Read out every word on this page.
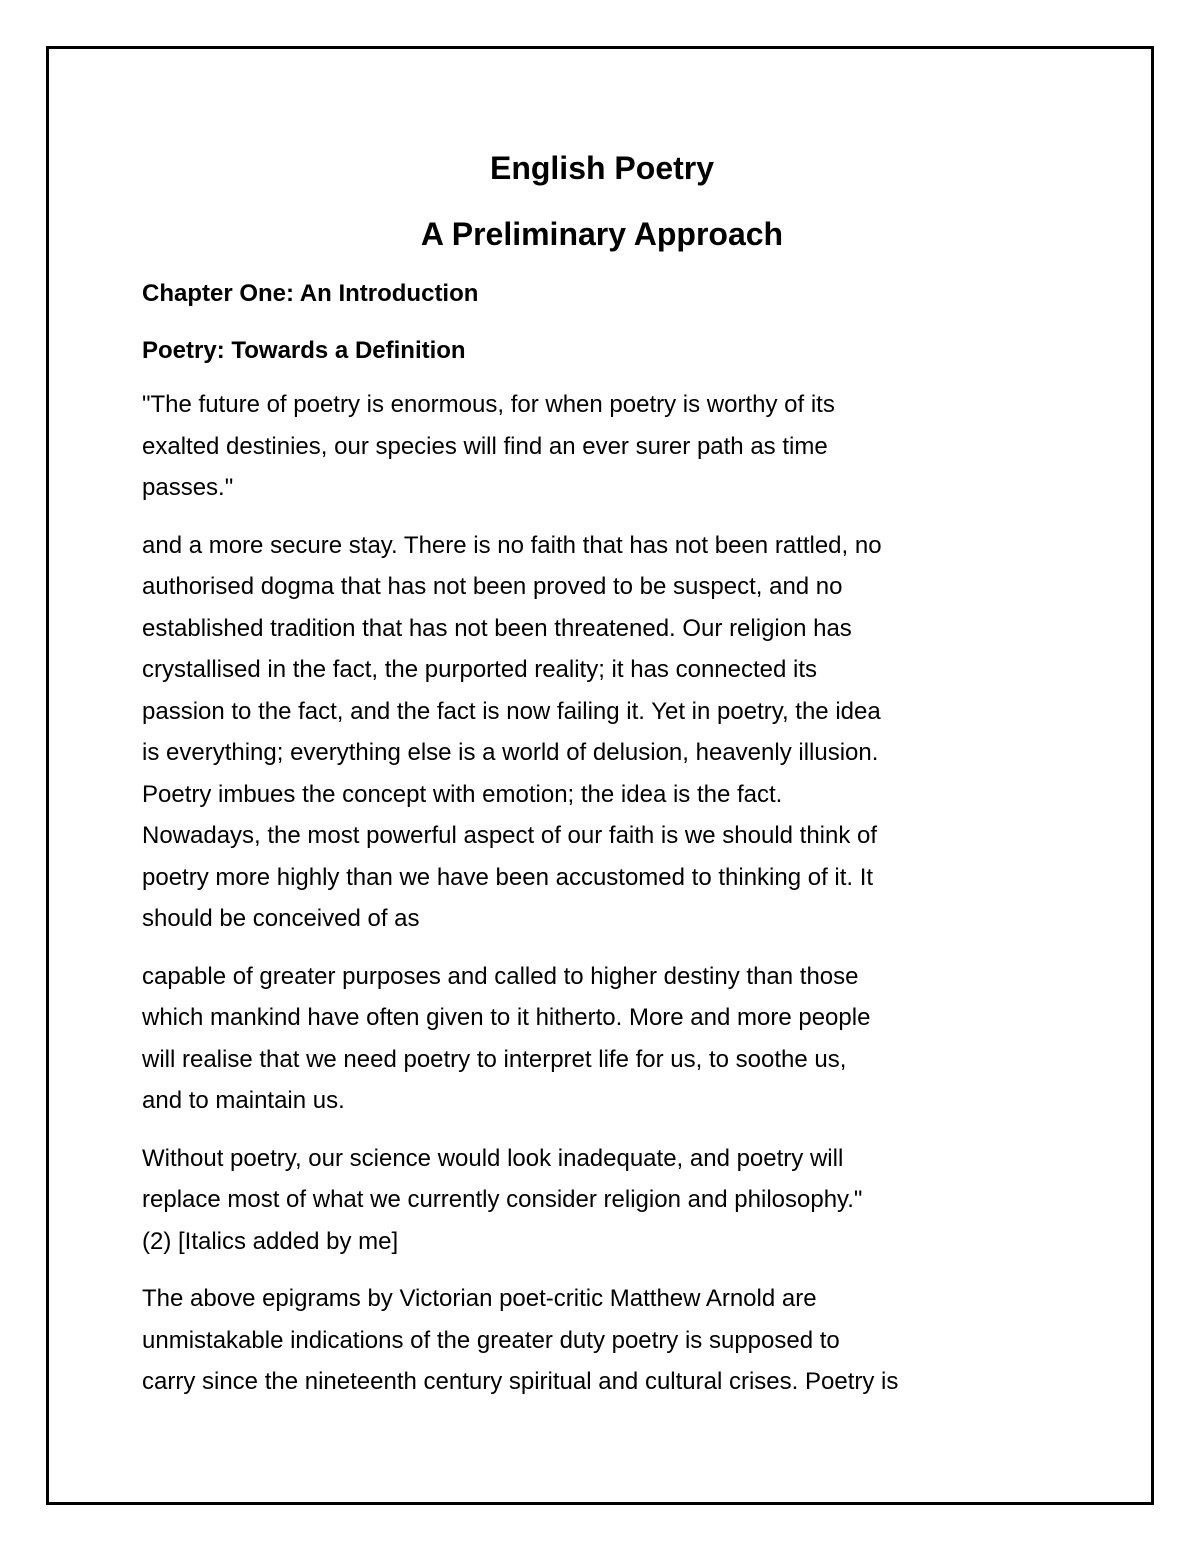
English Poetry
A Preliminary Approach
Chapter One: An Introduction
Poetry: Towards a Definition

"The future of poetry is enormous, for when poetry is worthy of its
exalted destinies, our species will find an ever surer path as time
passes."

and a more secure stay. There is no faith that has not been rattled, no
authorised dogma that has not been proved to be suspect, and no
established tradition that has not been threatened. Our religion has
crystallised in the fact, the purported reality; it has connected its
passion to the fact, and the fact is now failing it. Yet in poetry, the idea
is everything; everything else is a world of delusion, heavenly illusion.
Poetry imbues the concept with emotion; the idea is the fact.
Nowadays, the most powerful aspect of our faith is we should think of
poetry more highly than we have been accustomed to thinking of it. It
should be conceived of as

capable of greater purposes and called to higher destiny than those
which mankind have often given to it hitherto. More and more people
will realise that we need poetry to interpret life for us, to soothe us,
and to maintain us.

Without poetry, our science would look inadequate, and poetry will
replace most of what we currently consider religion and philosophy."
(2) [Italics added by me]

The above epigrams by Victorian poet-critic Matthew Arnold are
unmistakable indications of the greater duty poetry is supposed to
carry since the nineteenth century spiritual and cultural crises. Poetry is
